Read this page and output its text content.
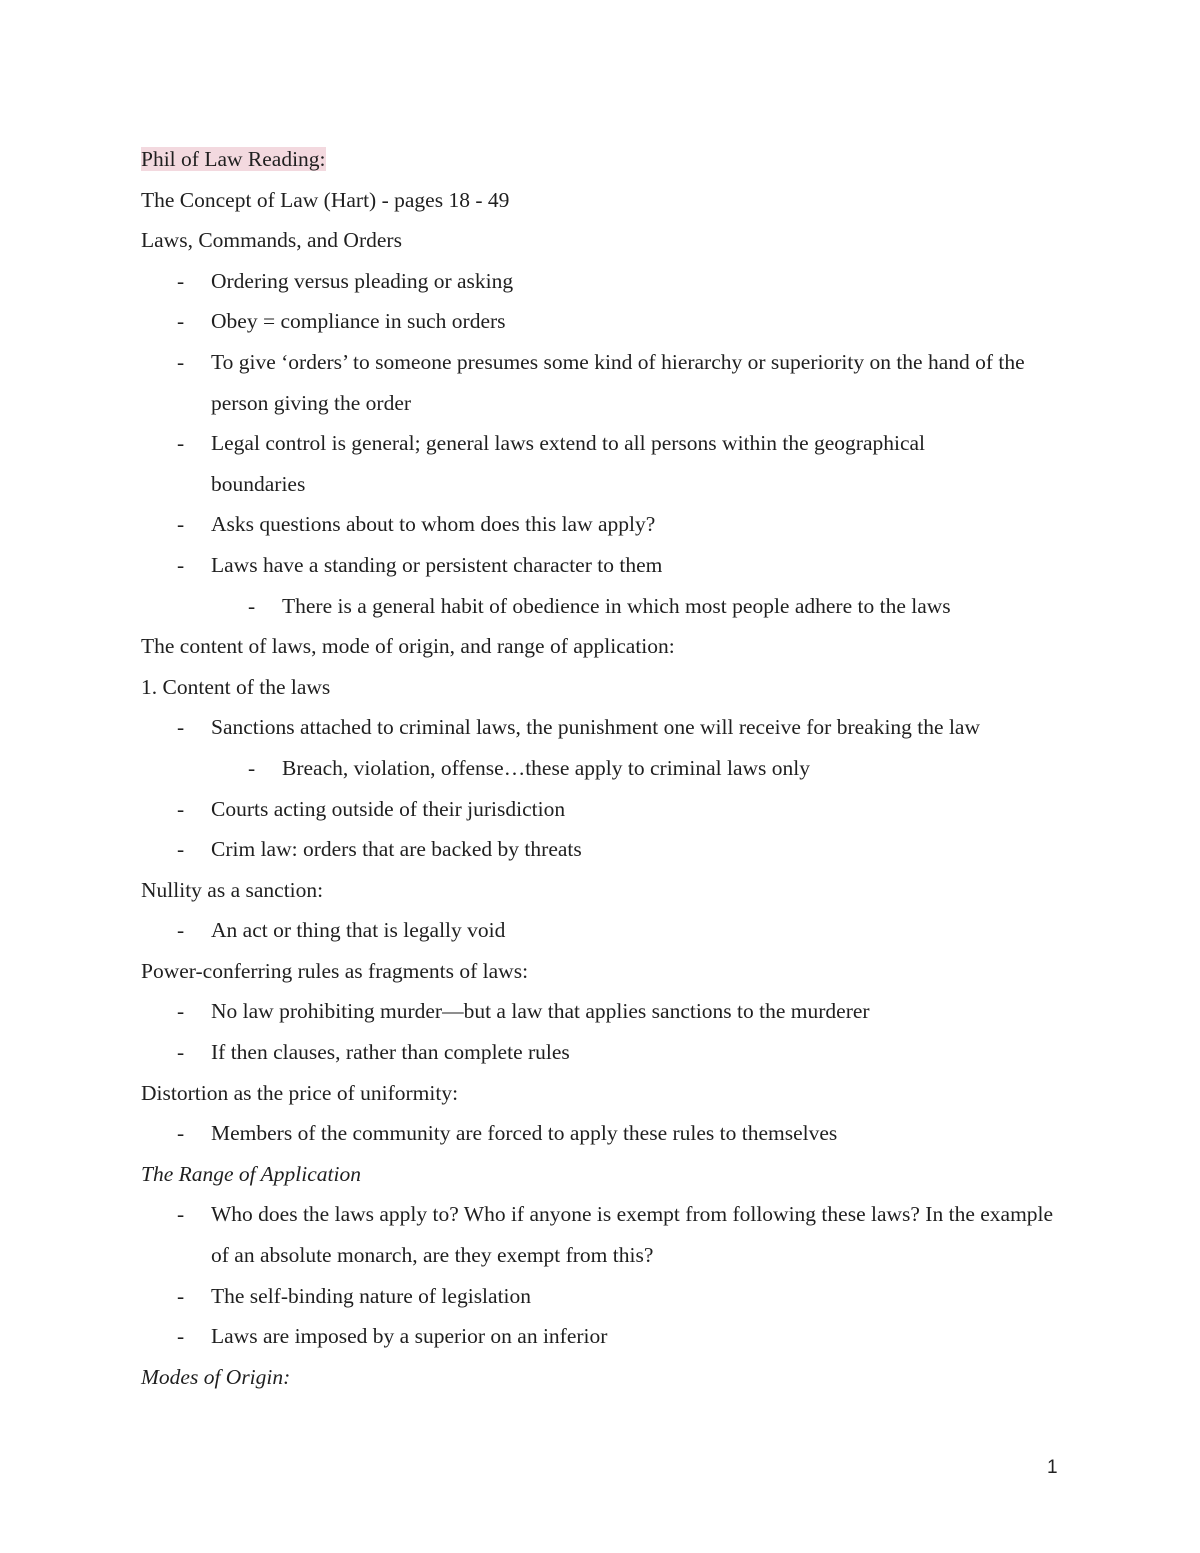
Phil of Law Reading:
The Concept of Law (Hart) - pages 18 - 49
Laws, Commands, and Orders
- Ordering versus pleading or asking
- Obey = compliance in such orders
- To give ‘orders’ to someone presumes some kind of hierarchy or superiority on the hand of the person giving the order
- Legal control is general; general laws extend to all persons within the geographical boundaries
- Asks questions about to whom does this law apply?
- Laws have a standing or persistent character to them
- There is a general habit of obedience in which most people adhere to the laws
The content of laws, mode of origin, and range of application:
1. Content of the laws
- Sanctions attached to criminal laws, the punishment one will receive for breaking the law
- Breach, violation, offense…these apply to criminal laws only
- Courts acting outside of their jurisdiction
- Crim law: orders that are backed by threats
Nullity as a sanction:
- An act or thing that is legally void
Power-conferring rules as fragments of laws:
- No law prohibiting murder—but a law that applies sanctions to the murderer
- If then clauses, rather than complete rules
Distortion as the price of uniformity:
- Members of the community are forced to apply these rules to themselves
The Range of Application
- Who does the laws apply to? Who if anyone is exempt from following these laws? In the example of an absolute monarch, are they exempt from this?
- The self-binding nature of legislation
- Laws are imposed by a superior on an inferior
Modes of Origin:
1
